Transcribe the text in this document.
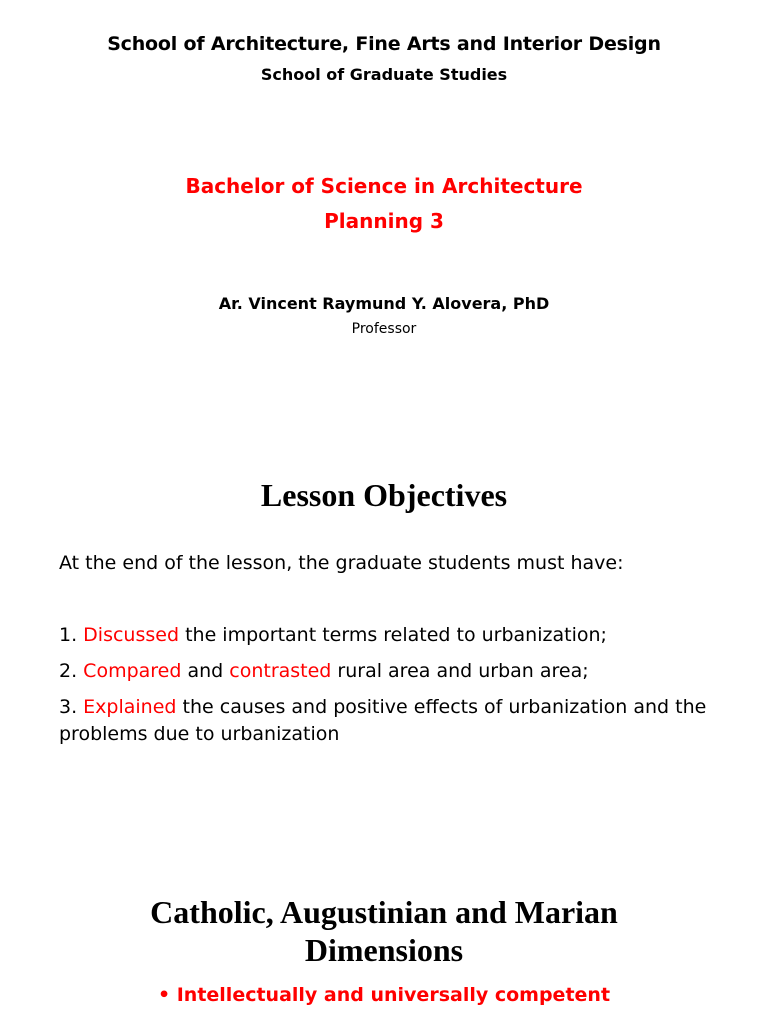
School of Architecture, Fine Arts and Interior Design
School of Graduate Studies
Bachelor of Science in Architecture
Planning 3
Ar. Vincent Raymund Y. Alovera, PhD
Professor
Lesson Objectives
At the end of the lesson, the graduate students must have:
1. Discussed the important terms related to urbanization;
2. Compared and contrasted rural area and urban area;
3. Explained the causes and positive effects of urbanization and the problems due to urbanization
Catholic, Augustinian and Marian
Dimensions
• Intellectually and universally competent
